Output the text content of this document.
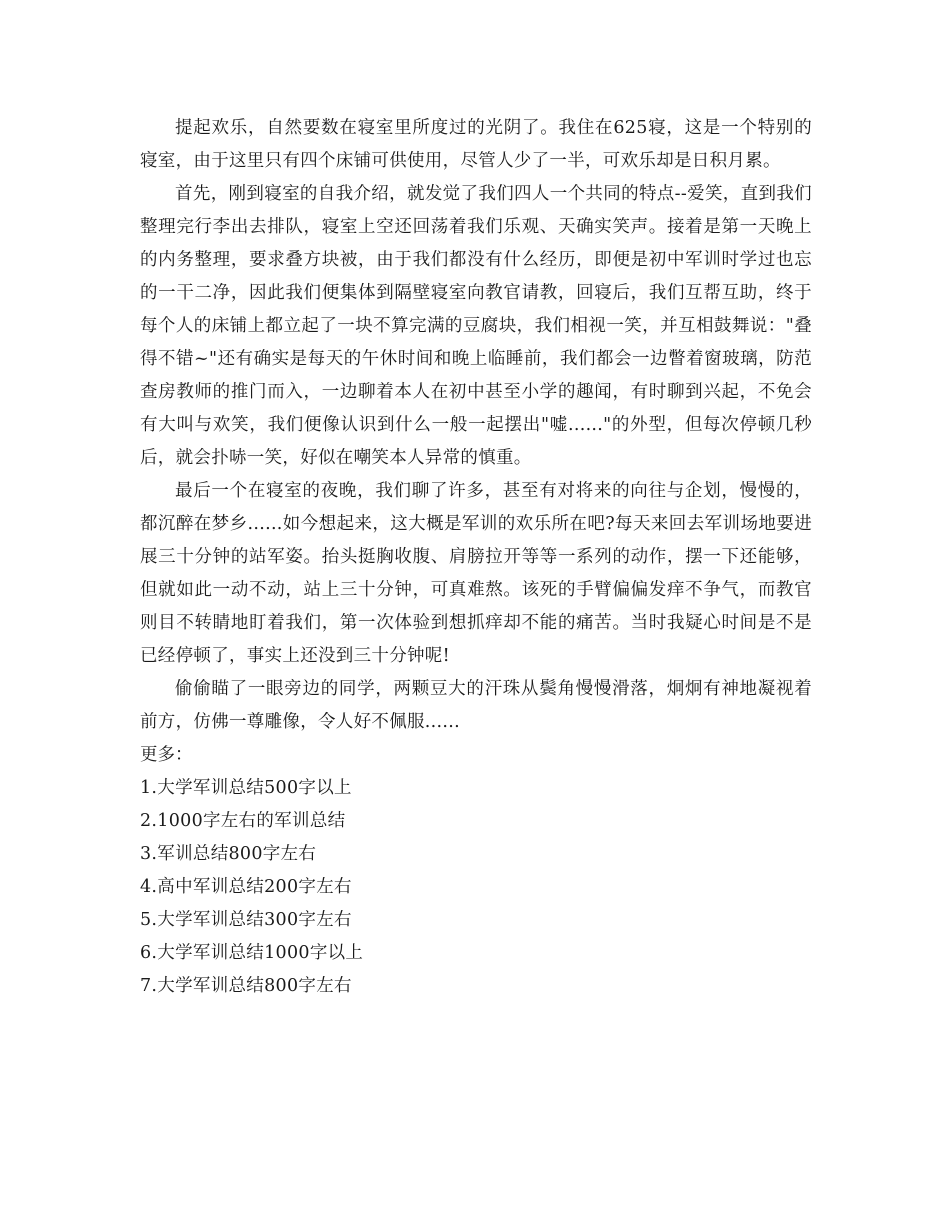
提起欢乐，自然要数在寝室里所度过的光阴了。我住在625寝，这是一个特别的寝室，由于这里只有四个床铺可供使用，尽管人少了一半，可欢乐却是日积月累。

首先，刚到寝室的自我介绍，就发觉了我们四人一个共同的特点--爱笑，直到我们整理完行李出去排队，寝室上空还回荡着我们乐观、天确实笑声。接着是第一天晚上的内务整理，要求叠方块被，由于我们都没有什么经历，即便是初中军训时学过也忘的一干二净，因此我们便集体到隔壁寝室向教官请教，回寝后，我们互帮互助，终于每个人的床铺上都立起了一块不算完满的豆腐块，我们相视一笑，并互相鼓舞说："叠得不错~"还有确实是每天的午休时间和晚上临睡前，我们都会一边瞥着窗玻璃，防范查房教师的推门而入，一边聊着本人在初中甚至小学的趣闻，有时聊到兴起，不免会有大叫与欢笑，我们便像认识到什么一般一起摆出"嘘......"的外型，但每次停顿几秒后，就会扑哧一笑，好似在嘲笑本人异常的慎重。

最后一个在寝室的夜晚，我们聊了许多，甚至有对将来的向往与企划，慢慢的，都沉醉在梦乡......如今想起来，这大概是军训的欢乐所在吧?每天来回去军训场地要进展三十分钟的站军姿。抬头挺胸收腹、肩膀拉开等等一系列的动作，摆一下还能够，但就如此一动不动，站上三十分钟，可真难熬。该死的手臂偏偏发痒不争气，而教官则目不转睛地盯着我们，第一次体验到想抓痒却不能的痛苦。当时我疑心时间是不是已经停顿了，事实上还没到三十分钟呢!

偷偷瞄了一眼旁边的同学，两颗豆大的汗珠从鬓角慢慢滑落，炯炯有神地凝视着前方，仿佛一尊雕像，令人好不佩服......

更多：

1.大学军训总结500字以上
2.1000字左右的军训总结
3.军训总结800字左右
4.高中军训总结200字左右
5.大学军训总结300字左右
6.大学军训总结1000字以上
7.大学军训总结800字左右
